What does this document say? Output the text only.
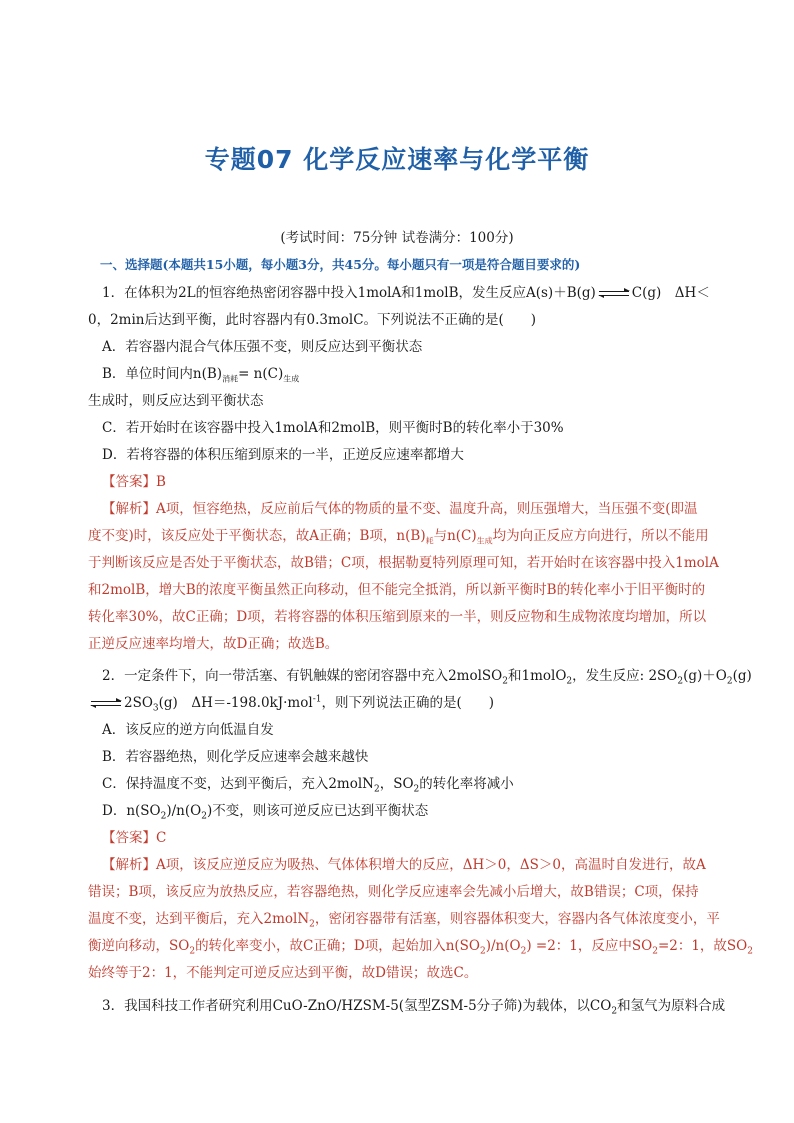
专题07 化学反应速率与化学平衡
(考试时间：75分钟 试卷满分：100分)
一、选择题(本题共15小题，每小题3分，共45分。每小题只有一项是符合题目要求的)
1．在体积为2L的恒容绝热密闭容器中投入1molA和1molB，发生反应A(s)＋B(g)	C(g)　ΔH＜
0，2min后达到平衡，此时容器内有0.3molC。下列说法不正确的是(　　)
A．若容器内混合气体压强不变，则反应达到平衡状态
B．单位时间内$n(B)_{消耗}= n(C)_{生成}$
生成时，则反应达到平衡状态
C．若开始时在该容器中投入1molA和2molB，则平衡时B的转化率小于30%
D．若将容器的体积压缩到原来的一半，正逆反应速率都增大
【答案】B
【解析】A项，恒容绝热，反应前后气体的物质的量不变、温度升高，则压强增大，当压强不变(即温
度不变)时，该反应处于平衡状态，故A正确；B项，$n(B)_耗$与$n(C)_{生成}$均为向正反应方向进行，所以不能用
于判断该反应是否处于平衡状态，故B错；C项，根据勒夏特列原理可知，若开始时在该容器中投入1molA
和2molB，增大B的浓度平衡虽然正向移动，但不能完全抵消，所以新平衡时B的转化率小于旧平衡时的
转化率30%，故C正确；D项，若将容器的体积压缩到原来的一半，则反应物和生成物浓度均增加，所以
正逆反应速率均增大，故D正确；故选B。
2．一定条件下，向一带活塞、有钒触媒的密闭容器中充入2molSO$_2$和1molO$_2$，发生反应: $2SO_2(g)+O_2(g)$
$2SO_3(g)$　ΔH＝-198.0kJ·mol$^{-1}$，则下列说法正确的是(　　)
A．该反应的逆方向低温自发
B．若容器绝热，则化学反应速率会越来越快
C．保持温度不变，达到平衡后，充入2molN$_2$，$SO_2$的转化率将减小
D．$n(SO_2)/n(O_2)$不变，则该可逆反应已达到平衡状态
【答案】C
【解析】A项，该反应逆反应为吸热、气体体积增大的反应，ΔH＞0，ΔS＞0，高温时自发进行，故A
错误；B项，该反应为放热反应，若容器绝热，则化学反应速率会先减小后增大，故B错误；C项，保持
温度不变，达到平衡后，充入2molN$_2$，密闭容器带有活塞，则容器体积变大，容器内各气体浓度变小，平
衡逆向移动，$SO_2$的转化率变小，故C正确；D项，起始加入$n(SO_2)/n(O_2) =2$：1，反应中$SO_2=2$：1，故$SO_2$
始终等于2：1，不能判定可逆反应达到平衡，故D错误；故选C。
3．我国科技工作者研究利用CuO-ZnO/HZSM-5(氢型ZSM-5分子筛)为载体，以$CO_2$和氢气为原料合成
